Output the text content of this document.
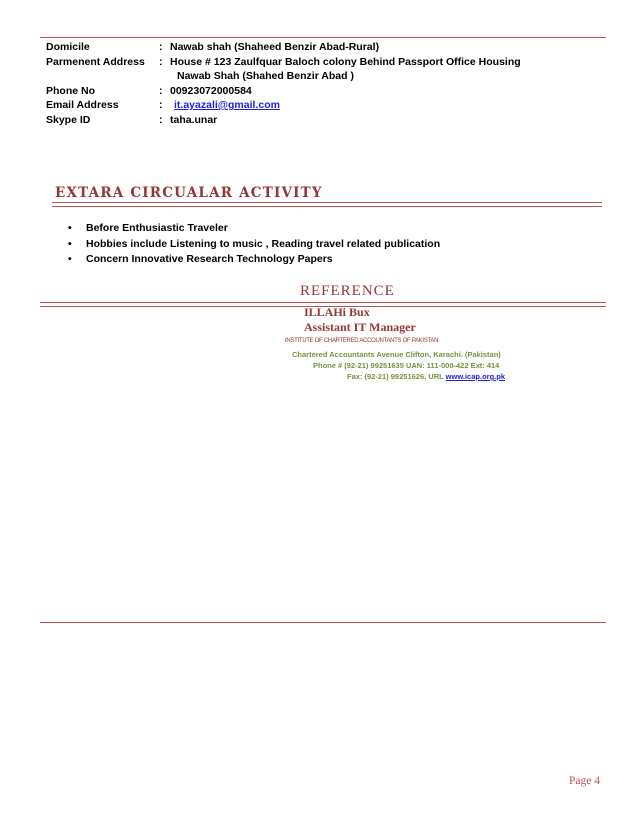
Domicile	: Nawab shah (Shaheed Benzir Abad-Rural)
Parmenent Address : House # 123 Zaulfquar Baloch colony Behind Passport Office Housing
Nawab Shah (Shahed Benzir Abad )
Phone No	: 00923072000584
Email Address	: it.ayazali@gmail.com
Skype ID	: taha.unar
EXTARA CIRCUALAR ACTIVITY
• Before Enthusiastic Traveler
• Hobbies include Listening to music , Reading travel related publication
• Concern Innovative Research Technology Papers
REFERENCE
ILLAHi Bux
Assistant IT Manager
INSTITUTE OF CHARTERED ACCOUNTANTS OF PAKISTAN
Chartered Accountants Avenue Clifton, Karachi. (Pakistan)
Phone # (92-21) 99251635 UAN: 111-000-422 Ext: 414
Fax: (92-21) 99251626, URL www.icap.org.pk
Page 4
